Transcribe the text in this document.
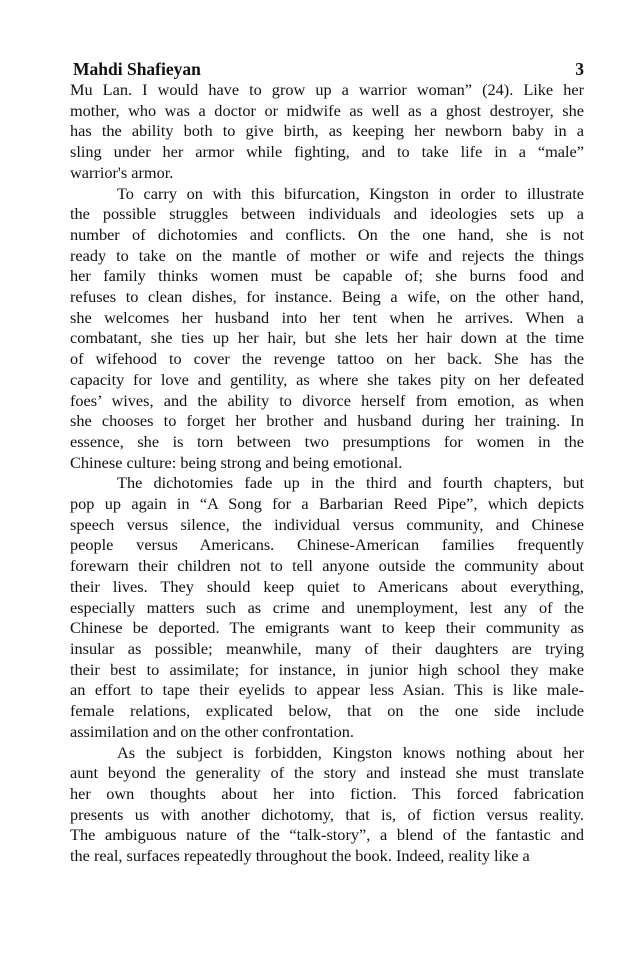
Mahdi Shafieyan	3
Mu Lan. I would have to grow up a warrior woman” (24). Like her
mother, who was a doctor or midwife as well as a ghost destroyer, she
has the ability both to give birth, as keeping her newborn baby in a
sling under her armor while fighting, and to take life in a “male”
warrior's armor.
To carry on with this bifurcation, Kingston in order to illustrate
the possible struggles between individuals and ideologies sets up a
number of dichotomies and conflicts. On the one hand, she is not
ready to take on the mantle of mother or wife and rejects the things
her family thinks women must be capable of; she burns food and
refuses to clean dishes, for instance. Being a wife, on the other hand,
she welcomes her husband into her tent when he arrives. When a
combatant, she ties up her hair, but she lets her hair down at the time
of wifehood to cover the revenge tattoo on her back. She has the
capacity for love and gentility, as where she takes pity on her defeated
foes’ wives, and the ability to divorce herself from emotion, as when
she chooses to forget her brother and husband during her training. In
essence, she is torn between two presumptions for women in the
Chinese culture: being strong and being emotional.
The dichotomies fade up in the third and fourth chapters, but
pop up again in “A Song for a Barbarian Reed Pipe”, which depicts
speech versus silence, the individual versus community, and Chinese
people versus Americans. Chinese-American families frequently
forewarn their children not to tell anyone outside the community about
their lives. They should keep quiet to Americans about everything,
especially matters such as crime and unemployment, lest any of the
Chinese be deported. The emigrants want to keep their community as
insular as possible; meanwhile, many of their daughters are trying
their best to assimilate; for instance, in junior high school they make
an effort to tape their eyelids to appear less Asian. This is like male-
female relations, explicated below, that on the one side include
assimilation and on the other confrontation.
As the subject is forbidden, Kingston knows nothing about her
aunt beyond the generality of the story and instead she must translate
her own thoughts about her into fiction. This forced fabrication
presents us with another dichotomy, that is, of fiction versus reality.
The ambiguous nature of the “talk-story”, a blend of the fantastic and
the real, surfaces repeatedly throughout the book. Indeed, reality like a
